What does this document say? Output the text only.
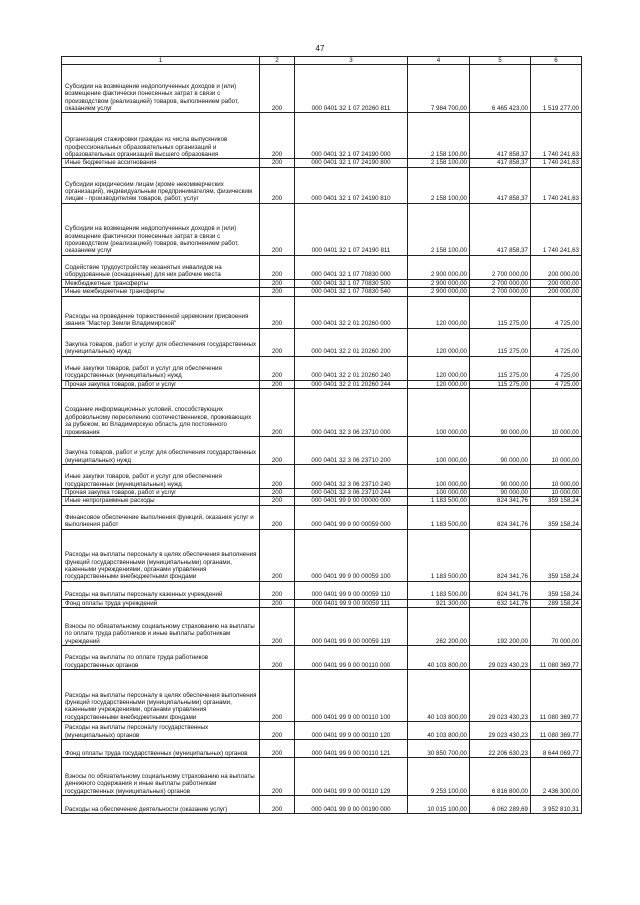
47
1	2	3	4	5	6
Субсидии на возмещение недополученных доходов и (или) возмещение фактически понесенных затрат в связи с производством (реализацией) товаров, выполнением работ, оказанием услуг	200	000 0401 32 1 07 20260 811	7 984 700,00	6 465 423,00	1 519 277,00
Организация стажировки граждан из числа выпускников профессиональных образовательных организаций и образовательных организаций высшего образования	200	000 0401 32 1 07 24190 000	2 158 100,00	417 858,37	1 740 241,63
Иные бюджетные ассигнования	200	000 0401 32 1 07 24190 800	2 158 100,00	417 858,37	1 740 241,63
Субсидии юридическим лицам (кроме некоммерческих организаций), индивидуальным предпринимателям, физическим лицам - производителям товаров, работ, услуг	200	000 0401 32 1 07 24190 810	2 158 100,00	417 858,37	1 740 241,63
Субсидии на возмещение недополученных доходов и (или) возмещение фактически понесенных затрат в связи с производством (реализацией) товаров, выполнением работ, оказанием услуг	200	000 0401 32 1 07 24190 811	2 158 100,00	417 858,37	1 740 241,63
Содействие трудоустройству незанятых инвалидов на оборудованные (оснащенные) для них рабочие места	200	000 0401 32 1 07 70830 000	2 900 000,00	2 700 000,00	200 000,00
Межбюджетные трансферты	200	000 0401 32 1 07 70830 500	2 900 000,00	2 700 000,00	200 000,00
Иные межбюджетные трансферты	200	000 0401 32 1 07 70830 540	2 900 000,00	2 700 000,00	200 000,00
Расходы на проведение торжественной церемонии присвоения звания "Мастер Земли Владимирской"	200	000 0401 32 2 01 20260 000	120 000,00	115 275,00	4 725,00
Закупка товаров, работ и услуг для обеспечения государственных (муниципальных) нужд	200	000 0401 32 2 01 20260 200	120 000,00	115 275,00	4 725,00
Иные закупки товаров, работ и услуг для обеспечения государственных (муниципальных) нужд	200	000 0401 32 2 01 20260 240	120 000,00	115 275,00	4 725,00
Прочая закупка товаров, работ и услуг	200	000 0401 32 2 01 20260 244	120 000,00	115 275,00	4 725,00
Создание информационных условий, способствующих добровольному переселению соотечественников, проживающих за рубежом, во Владимирскую область для постоянного проживания	200	000 0401 32 3 06 23710 000	100 000,00	90 000,00	10 000,00
Закупка товаров, работ и услуг для обеспечения государственных (муниципальных) нужд	200	000 0401 32 3 06 23710 200	100 000,00	90 000,00	10 000,00
Иные закупки товаров, работ и услуг для обеспечения государственных (муниципальных) нужд	200	000 0401 32 3 06 23710 240	100 000,00	90 000,00	10 000,00
Прочая закупка товаров, работ и услуг	200	000 0401 32 3 06 23710 244	100 000,00	90 000,00	10 000,00
Иные непрограммные расходы	200	000 0401 99 9 00 00000 000	1 183 500,00	824 341,76	359 158,24
Финансовое обеспечение выполнения функций, оказания услуг и выполнения работ	200	000 0401 99 9 00 00059 000	1 183 500,00	824 341,76	359 158,24
Расходы на выплаты персоналу в целях обеспечения выполнения функций государственными (муниципальными) органами, казенными учреждениями, органами управления государственными внебюджетными фондами	200	000 0401 99 9 00 00059 100	1 183 500,00	824 341,76	359 158,24
Расходы на выплаты персоналу казенных учреждений	200	000 0401 99 9 00 00059 110	1 183 500,00	824 341,76	359 158,24
Фонд оплаты труда учреждений	200	000 0401 99 9 00 00059 111	921 300,00	632 141,76	289 158,24
Взносы по обязательному социальному страхованию на выплаты по оплате труда работников и иные выплаты работникам учреждений	200	000 0401 99 9 00 00059 119	262 200,00	192 200,00	70 000,00
Расходы на выплаты по оплате труда работников государственных органов	200	000 0401 99 9 00 00110 000	40 103 800,00	29 023 430,23	11 080 369,77
Расходы на выплаты персоналу в целях обеспечения выполнения функций государственными (муниципальными) органами, казенными учреждениями, органами управления государственными внебюджетными фондами	200	000 0401 99 9 00 00110 100	40 103 800,00	29 023 430,23	11 080 369,77
Расходы на выплаты персоналу государственных (муниципальных) органов	200	000 0401 99 9 00 00110 120	40 103 800,00	29 023 430,23	11 080 369,77
Фонд оплаты труда государственных (муниципальных) органов	200	000 0401 99 9 00 00110 121	30 850 700,00	22 206 630,23	8 644 069,77
Взносы по обязательному социальному страхованию на выплаты денежного содержания и иные выплаты работникам государственных (муниципальных) органов	200	000 0401 99 9 00 00110 129	9 253 100,00	6 816 800,00	2 436 300,00
Расходы на обеспечение деятельности (оказание услуг)	200	000 0401 99 9 00 00190 000	10 015 100,00	6 062 289,69	3 952 810,31
